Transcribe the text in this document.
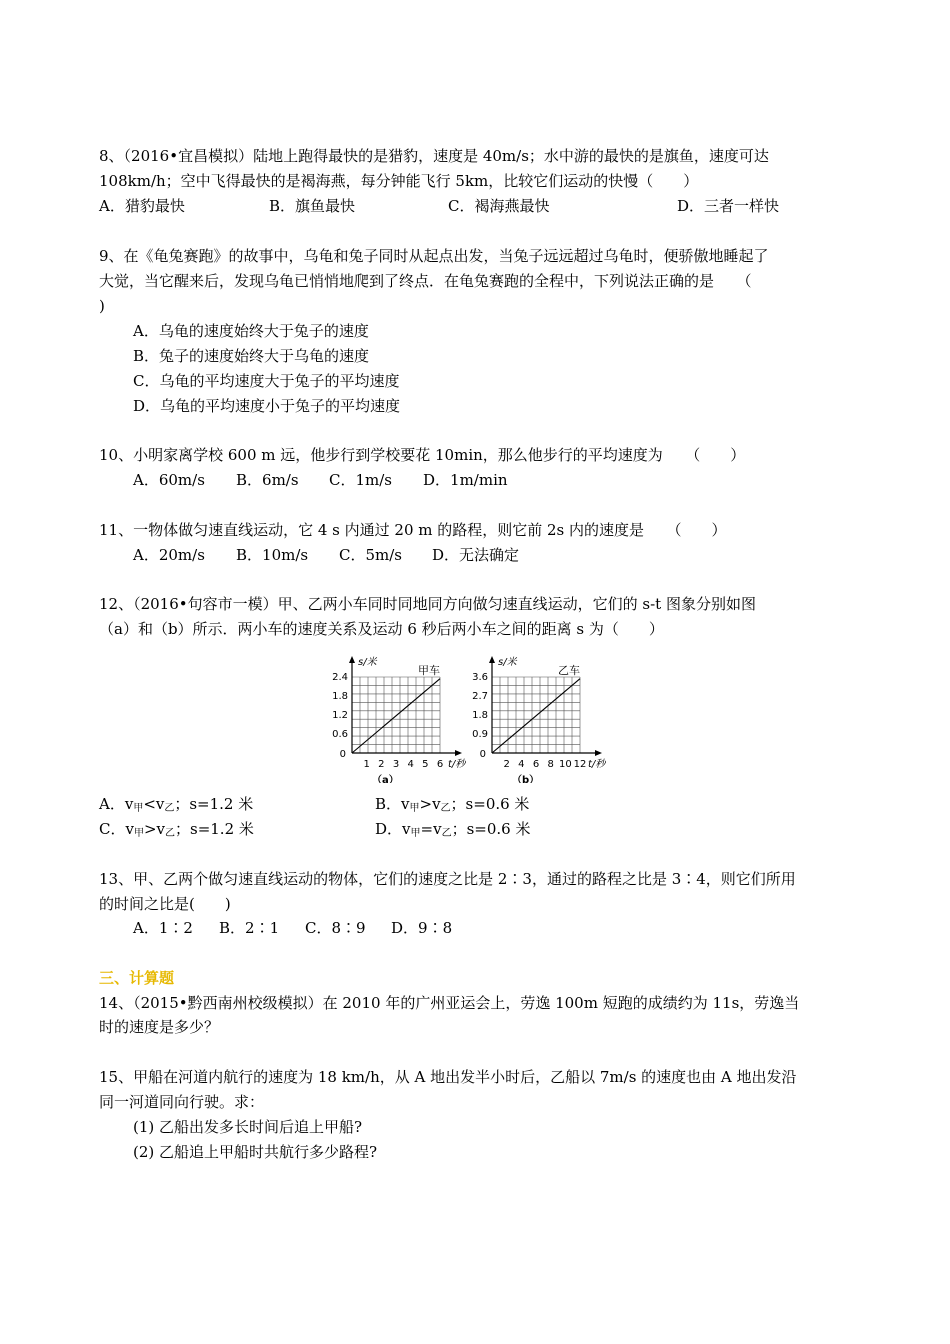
8、（2016•宜昌模拟）陆地上跑得最快的是猎豹，速度是 40m/s；水中游的最快的是旗鱼，速度可达
108km/h；空中飞得最快的是褐海燕，每分钟能飞行 5km，比较它们运动的快慢（　　）
A．猎豹最快	B．旗鱼最快	C．褐海燕最快	D．三者一样快
9、在《龟兔赛跑》的故事中，乌龟和兔子同时从起点出发，当兔子远远超过乌龟时，便骄傲地睡起了
大觉，当它醒来后，发现乌龟已悄悄地爬到了终点．在龟兔赛跑的全程中，下列说法正确的是　　（
)
A．乌龟的速度始终大于兔子的速度
B．兔子的速度始终大于乌龟的速度
C．乌龟的平均速度大于兔子的平均速度
D．乌龟的平均速度小于兔子的平均速度
10、小明家离学校 600 m 远，他步行到学校要花 10min，那么他步行的平均速度为　　（　　）
A．60m/s B．6m/s C．1m/s D．1m/min
11、一物体做匀速直线运动，它 4 s 内通过 20 m 的路程，则它前 2s 内的速度是　　（　　）
A．20m/s B．10m/s C．5m/s D．无法确定
12、（2016•句容市一模）甲、乙两小车同时同地同方向做匀速直线运动，它们的 s-t 图象分别如图
（a）和（b）所示．两小车的速度关系及运动 6 秒后两小车之间的距离 s 为（　　）
1 2 3 4 5 6
0.6
1.2
1.8
2.4
0
s/米
t/秒
甲车
（a）
2 4 6 8 10 12
0.9
1.8
2.7
3.6
0
s/米
t/秒
乙车
（b）
A．$v_甲<v_乙$；s=1.2 米	B．$v_甲>v_乙$；s=0.6 米
C．$v_甲>v_乙$；s=1.2 米	D．$v_甲=v_乙$；s=0.6 米
13、甲、乙两个做匀速直线运动的物体，它们的速度之比是 2∶3，通过的路程之比是 3∶4，则它们所用
的时间之比是(　　)
A．1∶2 B．2∶1 C．8∶9 D．9∶8
三、计算题
14、（2015•黔西南州校级模拟）在 2010 年的广州亚运会上，劳逸 100m 短跑的成绩约为 11s，劳逸当
时的速度是多少？
15、甲船在河道内航行的速度为 18 km/h，从 A 地出发半小时后，乙船以 7m/s 的速度也由 A 地出发沿
同一河道同向行驶。求：
(1) 乙船出发多长时间后追上甲船?
(2) 乙船追上甲船时共航行多少路程?
